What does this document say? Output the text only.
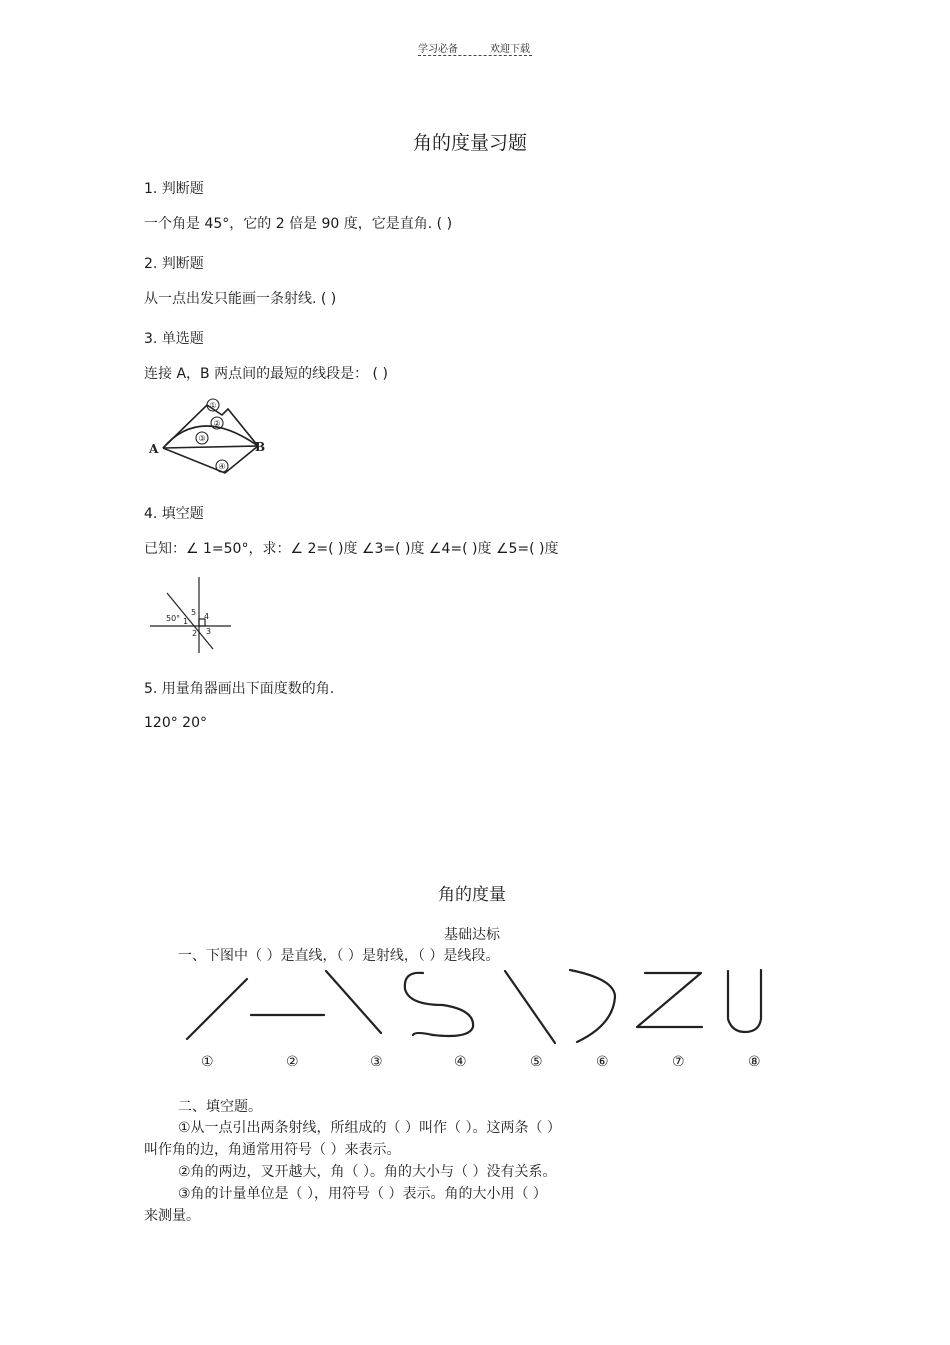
学习必备	欢迎下载
角的度量习题
1. 判断题
一个角是 45°，它的 2 倍是 90 度，它是直角. ( )
2. 判断题
从一点出发只能画一条射线. ( )
3. 单选题
连接 A，B 两点间的最短的线段是： ( )
①
②
③
④
A	B
4. 填空题
已知：∠ 1=50°，求：∠ 2=( )度 ∠3=( )度 ∠4=( )度 ∠5=( )度
50° 1
2 3
4
5
5. 用量角器画出下面度数的角.
120° 20°
角的度量
基础达标
一、下图中（ ）是直线，（ ）是射线，（ ）是线段。
①	②	③	④	⑤	⑥	⑦	⑧
二、填空题。
①从一点引出两条射线，所组成的（ ）叫作（ ）。这两条（ ）
叫作角的边，角通常用符号（ ）来表示。
②角的两边，叉开越大，角（ ）。角的大小与（ ）没有关系。
③角的计量单位是（ ），用符号（ ）表示。角的大小用（ ）
来测量。
